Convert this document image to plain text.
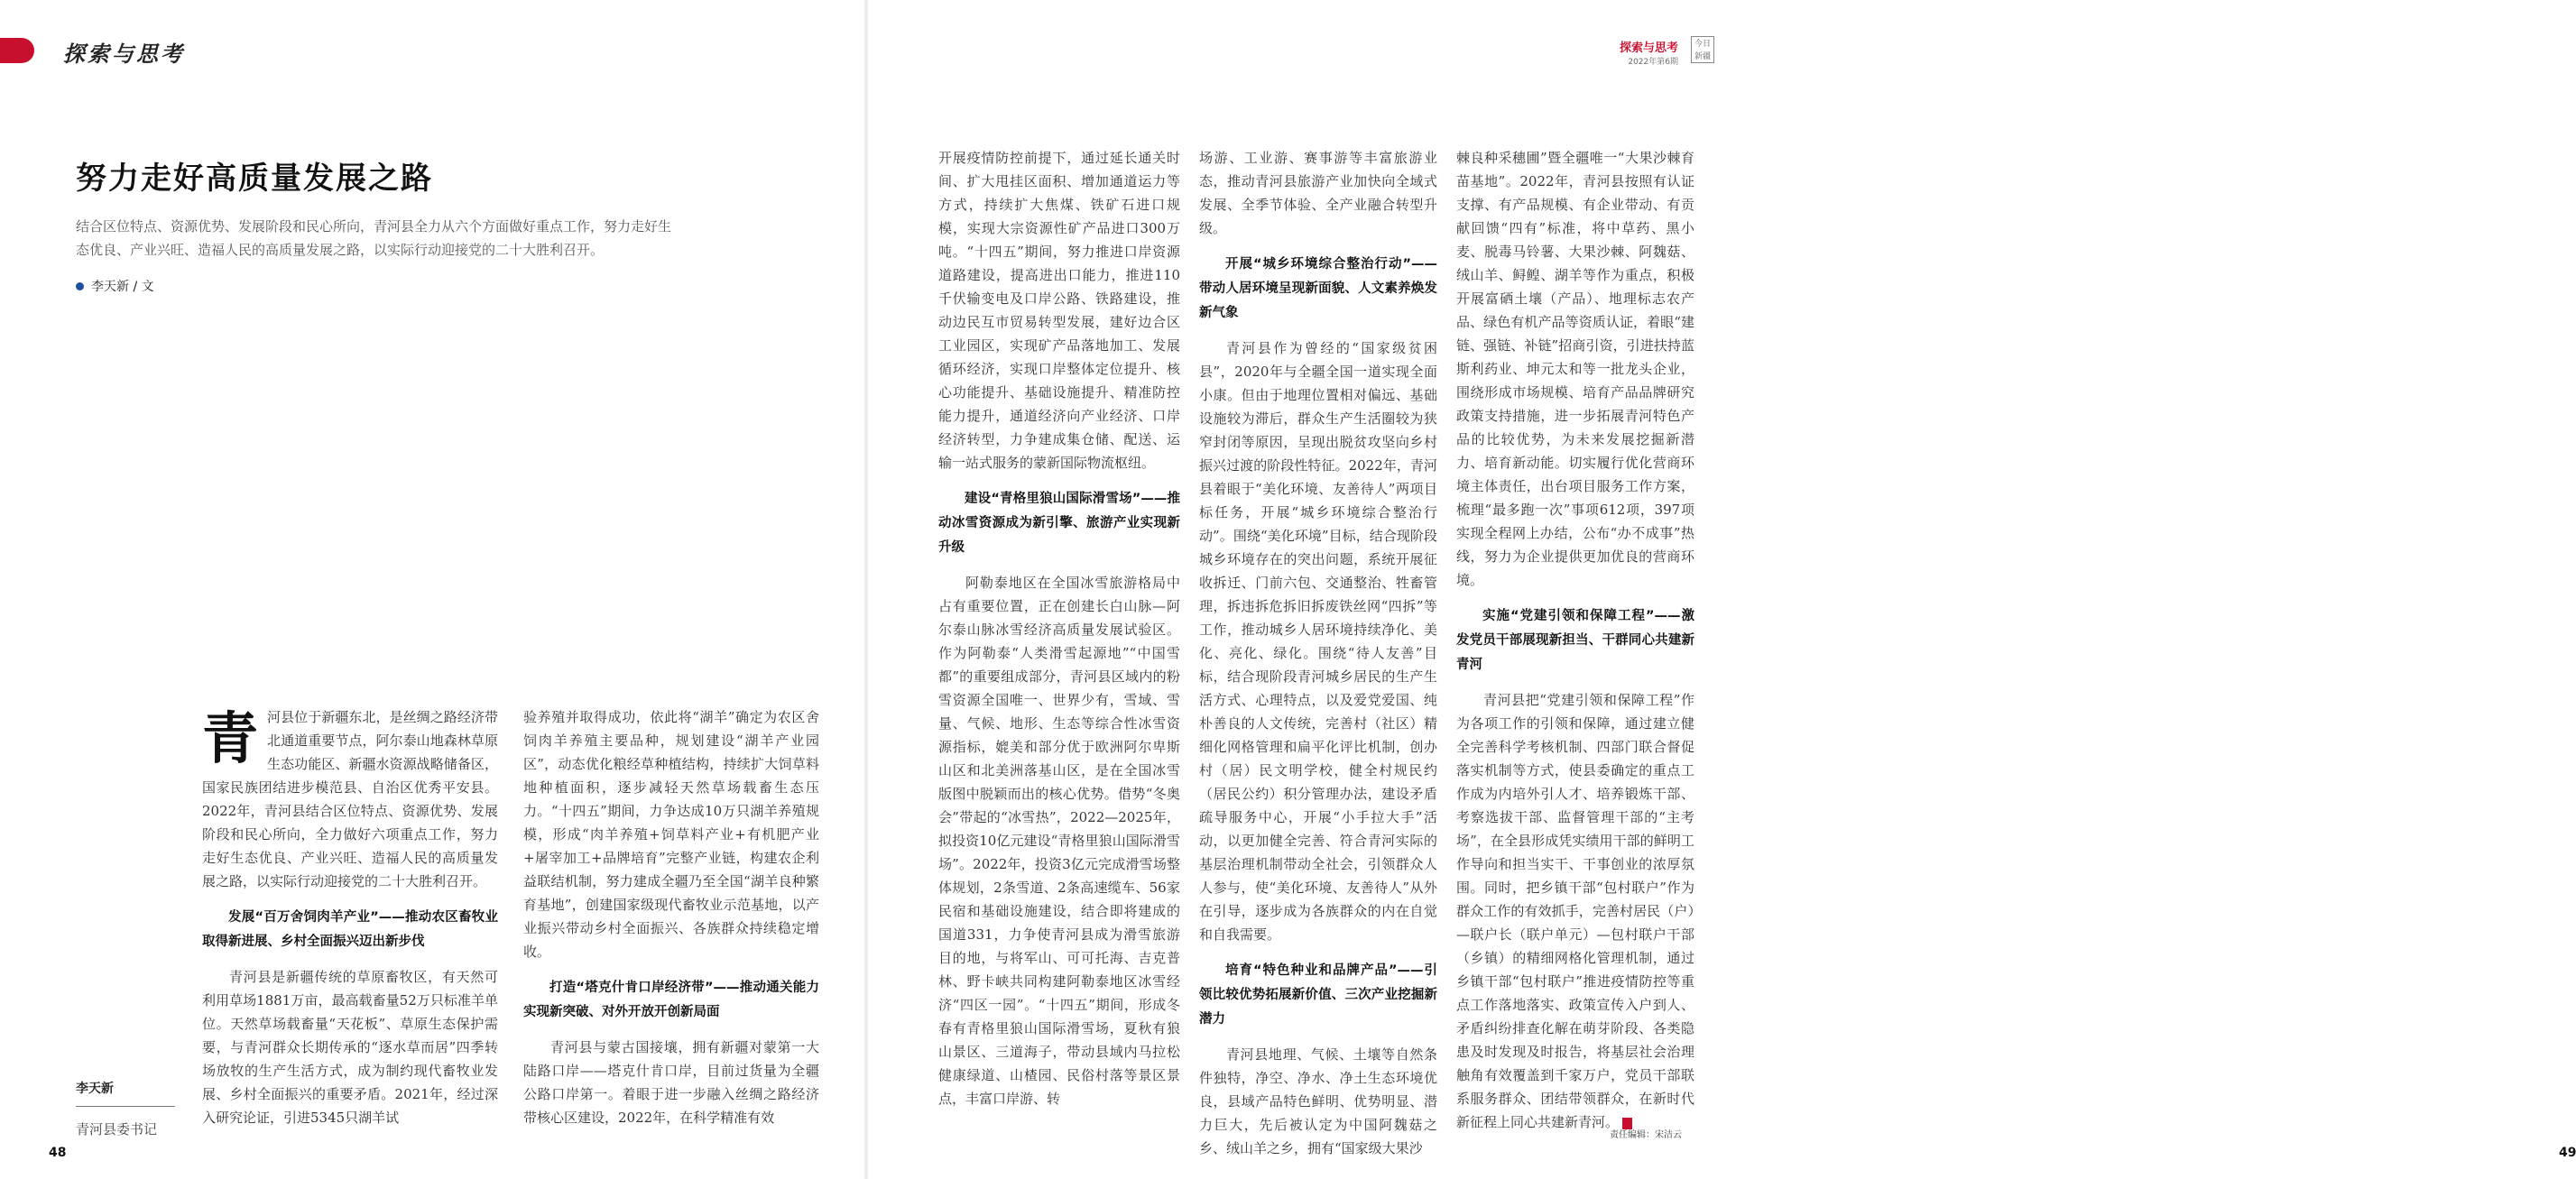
探索与思考
努力走好高质量发展之路
结合区位特点、资源优势、发展阶段和民心所向，青河县全力从六个方面做好重点工作，努力走好生态优良、产业兴旺、造福人民的高质量发展之路，以实际行动迎接党的二十大胜利召开。
李天新 / 文

青河县位于新疆东北，是丝绸之路经济带北通道重要节点，阿尔泰山地森林草原生态功能区、新疆水资源战略储备区，国家民族团结进步模范县、自治区优秀平安县。2022年，青河县结合区位特点、资源优势、发展阶段和民心所向，全力做好六项重点工作，努力走好生态优良、产业兴旺、造福人民的高质量发展之路，以实际行动迎接党的二十大胜利召开。

发展“百万舍饲肉羊产业”——推动农区畜牧业取得新进展、乡村全面振兴迈出新步伐

青河县是新疆传统的草原畜牧区，有天然可利用草场1881万亩，最高载畜量52万只标准羊单位。天然草场载畜量“天花板”、草原生态保护需要，与青河群众长期传承的“逐水草而居”四季转场放牧的生产生活方式，成为制约现代畜牧业发展、乡村全面振兴的重要矛盾。2021年，经过深入研究论证，引进5345只湖羊试

验养殖并取得成功，依此将“湖羊”确定为农区舍饲肉羊养殖主要品种，规划建设“湖羊产业园区”，动态优化粮经草种植结构，持续扩大饲草料地种植面积，逐步减轻天然草场载畜生态压力。“十四五”期间，力争达成10万只湖羊养殖规模，形成“肉羊养殖+饲草料产业+有机肥产业+屠宰加工+品牌培育”完整产业链，构建农企利益联结机制，努力建成全疆乃至全国“湖羊良种繁育基地”，创建国家级现代畜牧业示范基地，以产业振兴带动乡村全面振兴、各族群众持续稳定增收。

打造“塔克什肯口岸经济带”——推动通关能力实现新突破、对外开放开创新局面

青河县与蒙古国接壤，拥有新疆对蒙第一大陆路口岸——塔克什肯口岸，目前过货量为全疆公路口岸第一。着眼于进一步融入丝绸之路经济带核心区建设，2022年，在科学精准有效

李天新
青河县委书记
48
探索与思考
2022年第6期
今日新疆
49
责任编辑：宋洁云

开展疫情防控前提下，通过延长通关时间、扩大甩挂区面积、增加通道运力等方式，持续扩大焦煤、铁矿石进口规模，实现大宗资源性矿产品进口300万吨。“十四五”期间，努力推进口岸资源道路建设，提高进出口能力，推进110千伏输变电及口岸公路、铁路建设，推动边民互市贸易转型发展，建好边合区工业园区，实现矿产品落地加工、发展循环经济，实现口岸整体定位提升、核心功能提升、基础设施提升、精准防控能力提升，通道经济向产业经济、口岸经济转型，力争建成集仓储、配送、运输一站式服务的蒙新国际物流枢纽。

建设“青格里狼山国际滑雪场”——推动冰雪资源成为新引擎、旅游产业实现新升级

阿勒泰地区在全国冰雪旅游格局中占有重要位置，正在创建长白山脉—阿尔泰山脉冰雪经济高质量发展试验区。作为阿勒泰“人类滑雪起源地”“中国雪都”的重要组成部分，青河县区域内的粉雪资源全国唯一、世界少有，雪域、雪量、气候、地形、生态等综合性冰雪资源指标，媲美和部分优于欧洲阿尔卑斯山区和北美洲落基山区，是在全国冰雪版图中脱颖而出的核心优势。借势“冬奥会”带起的“冰雪热”，2022—2025年，拟投资10亿元建设“青格里狼山国际滑雪场”。2022年，投资3亿元完成滑雪场整体规划，2条雪道、2条高速缆车、56家民宿和基础设施建设，结合即将建成的国道331，力争使青河县成为滑雪旅游目的地，与将军山、可可托海、吉克普林、野卡峡共同构建阿勒泰地区冰雪经济“四区一园”。“十四五”期间，形成冬春有青格里狼山国际滑雪场，夏秋有狼山景区、三道海子，带动县域内马拉松健康绿道、山楂园、民俗村落等景区景点，丰富口岸游、转

场游、工业游、赛事游等丰富旅游业态，推动青河县旅游产业加快向全域式发展、全季节体验、全产业融合转型升级。

开展“城乡环境综合整治行动”——带动人居环境呈现新面貌、人文素养焕发新气象

青河县作为曾经的“国家级贫困县”，2020年与全疆全国一道实现全面小康。但由于地理位置相对偏远、基础设施较为滞后，群众生产生活圈较为狭窄封闭等原因，呈现出脱贫攻坚向乡村振兴过渡的阶段性特征。2022年，青河县着眼于“美化环境、友善待人”两项目标任务，开展“城乡环境综合整治行动”。围绕“美化环境”目标，结合现阶段城乡环境存在的突出问题，系统开展征收拆迁、门前六包、交通整治、牲畜管理，拆违拆危拆旧拆废铁丝网“四拆”等工作，推动城乡人居环境持续净化、美化、亮化、绿化。围绕“待人友善”目标，结合现阶段青河城乡居民的生产生活方式、心理特点，以及爱党爱国、纯朴善良的人文传统，完善村（社区）精细化网格管理和扁平化评比机制，创办村（居）民文明学校，健全村规民约（居民公约）积分管理办法，建设矛盾疏导服务中心，开展“小手拉大手”活动，以更加健全完善、符合青河实际的基层治理机制带动全社会，引领群众人人参与，使“美化环境、友善待人”从外在引导，逐步成为各族群众的内在自觉和自我需要。

培育“特色种业和品牌产品”——引领比较优势拓展新价值、三次产业挖掘新潜力

青河县地理、气候、土壤等自然条件独特，净空、净水、净土生态环境优良，县域产品特色鲜明、优势明显、潜力巨大，先后被认定为中国阿魏菇之乡、绒山羊之乡，拥有“国家级大果沙

棘良种采穗圃”暨全疆唯一“大果沙棘育苗基地”。2022年，青河县按照有认证支撑、有产品规模、有企业带动、有贡献回馈“四有”标准，将中草药、黑小麦、脱毒马铃薯、大果沙棘、阿魏菇、绒山羊、鲟鳇、湖羊等作为重点，积极开展富硒土壤（产品）、地理标志农产品、绿色有机产品等资质认证，着眼“建链、强链、补链”招商引资，引进扶持蓝斯利药业、坤元太和等一批龙头企业，围绕形成市场规模、培育产品品牌研究政策支持措施，进一步拓展青河特色产品的比较优势，为未来发展挖掘新潜力、培育新动能。切实履行优化营商环境主体责任，出台项目服务工作方案，梳理“最多跑一次”事项612项，397项实现全程网上办结，公布“办不成事”热线，努力为企业提供更加优良的营商环境。

实施“党建引领和保障工程”——激发党员干部展现新担当、干群同心共建新青河

青河县把“党建引领和保障工程”作为各项工作的引领和保障，通过建立健全完善科学考核机制、四部门联合督促落实机制等方式，使县委确定的重点工作成为内培外引人才、培养锻炼干部、考察选拔干部、监督管理干部的“主考场”，在全县形成凭实绩用干部的鲜明工作导向和担当实干、干事创业的浓厚氛围。同时，把乡镇干部“包村联户”作为群众工作的有效抓手，完善村居民（户）—联户长（联户单元）—包村联户干部（乡镇）的精细网格化管理机制，通过乡镇干部“包村联户”推进疫情防控等重点工作落地落实、政策宣传入户到人、矛盾纠纷排查化解在萌芽阶段、各类隐患及时发现及时报告，将基层社会治理触角有效覆盖到千家万户，党员干部联系服务群众、团结带领群众，在新时代新征程上同心共建新青河。
